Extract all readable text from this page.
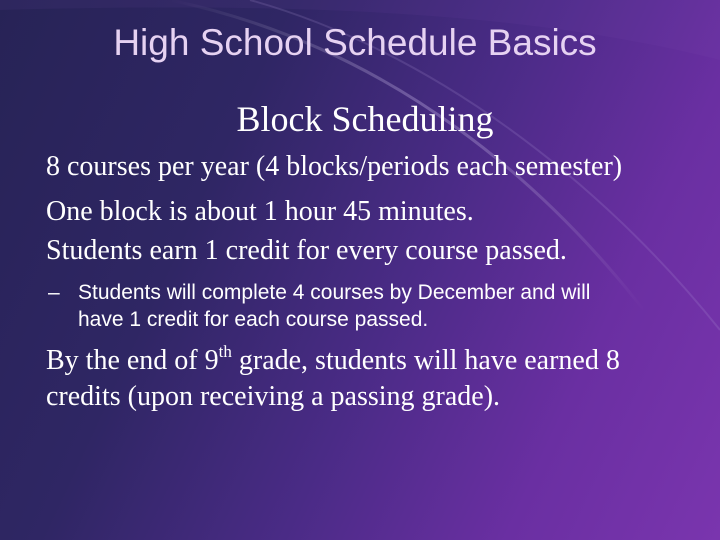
High School Schedule Basics
Block Scheduling
8 courses per year (4 blocks/periods each semester)
One block is about 1 hour 45 minutes.
Students earn 1 credit for every course passed.
– Students will complete 4 courses by December and will
have 1 credit for each course passed.
By the end of 9th grade, students will have earned 8
credits (upon receiving a passing grade).
